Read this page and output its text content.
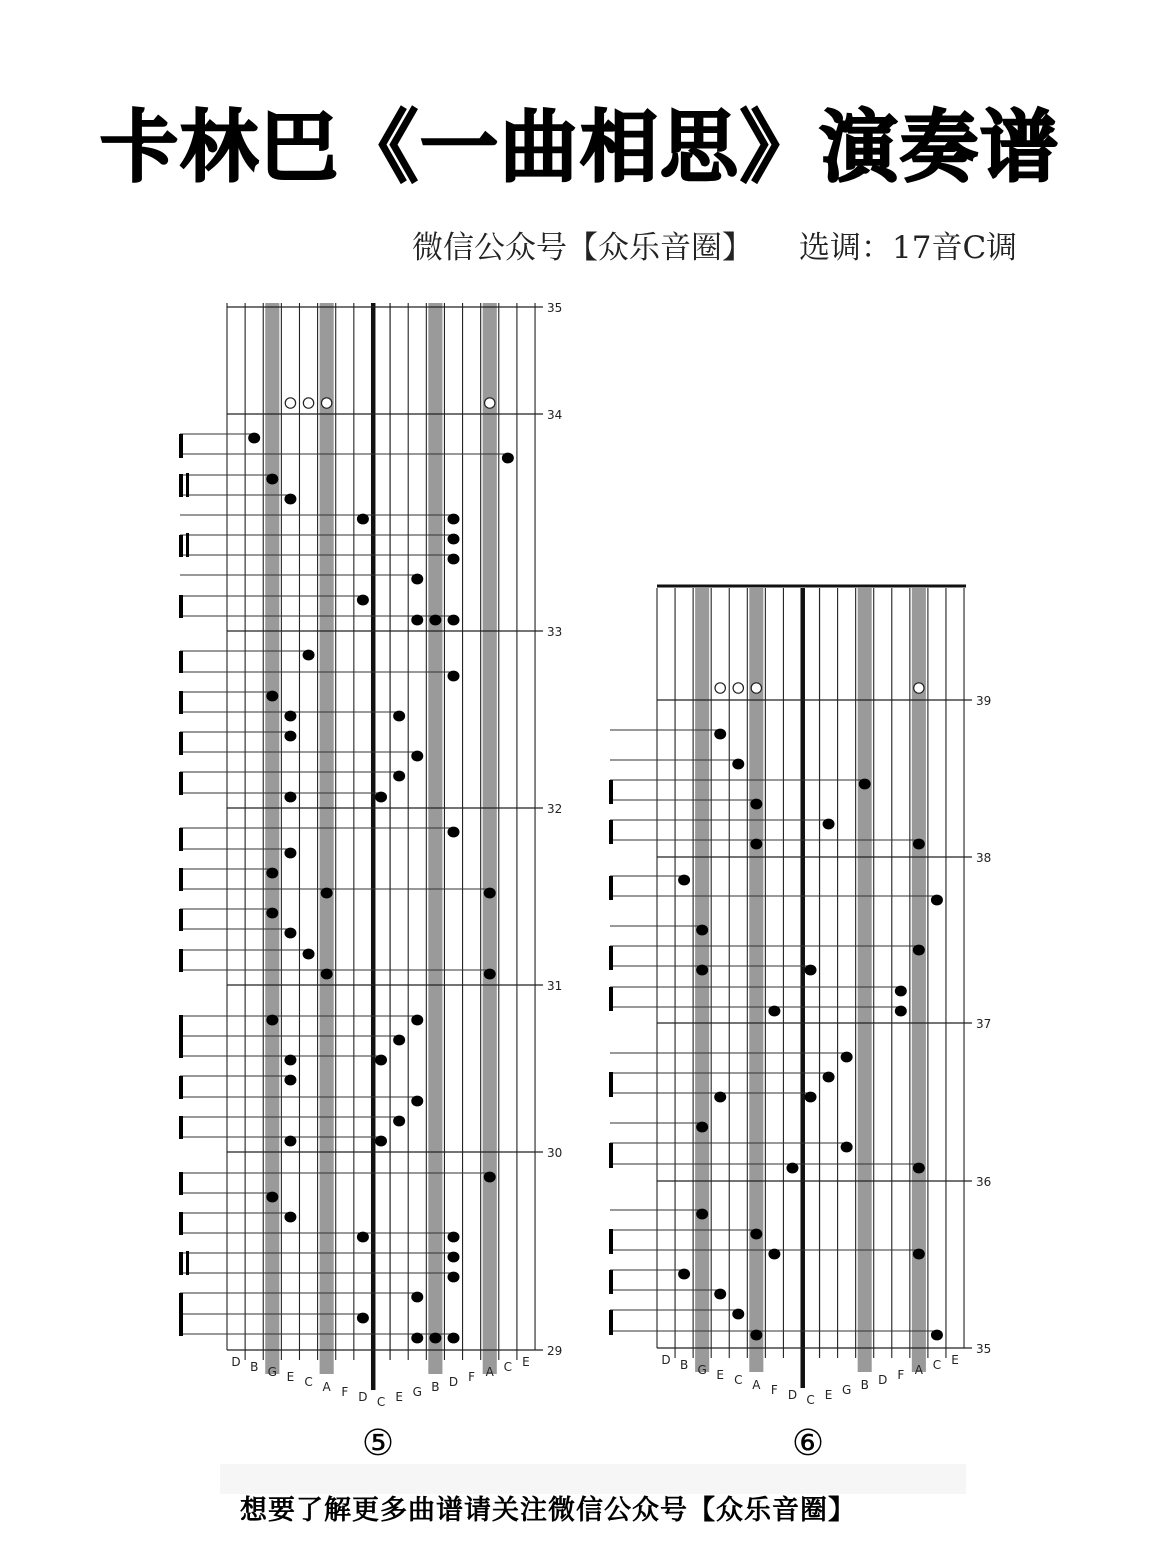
卡林巴《一曲相思》演奏谱
微信公众号【众乐音圈】 选调：17音C调
35
34
33
32
31
30
29
D B G E C A F D C E G B D F A C E
39
38
37
36
35
D B G E C A F D C E G B D F A C E
⑤	⑥
想要了解更多曲谱请关注微信公众号【众乐音圈】
